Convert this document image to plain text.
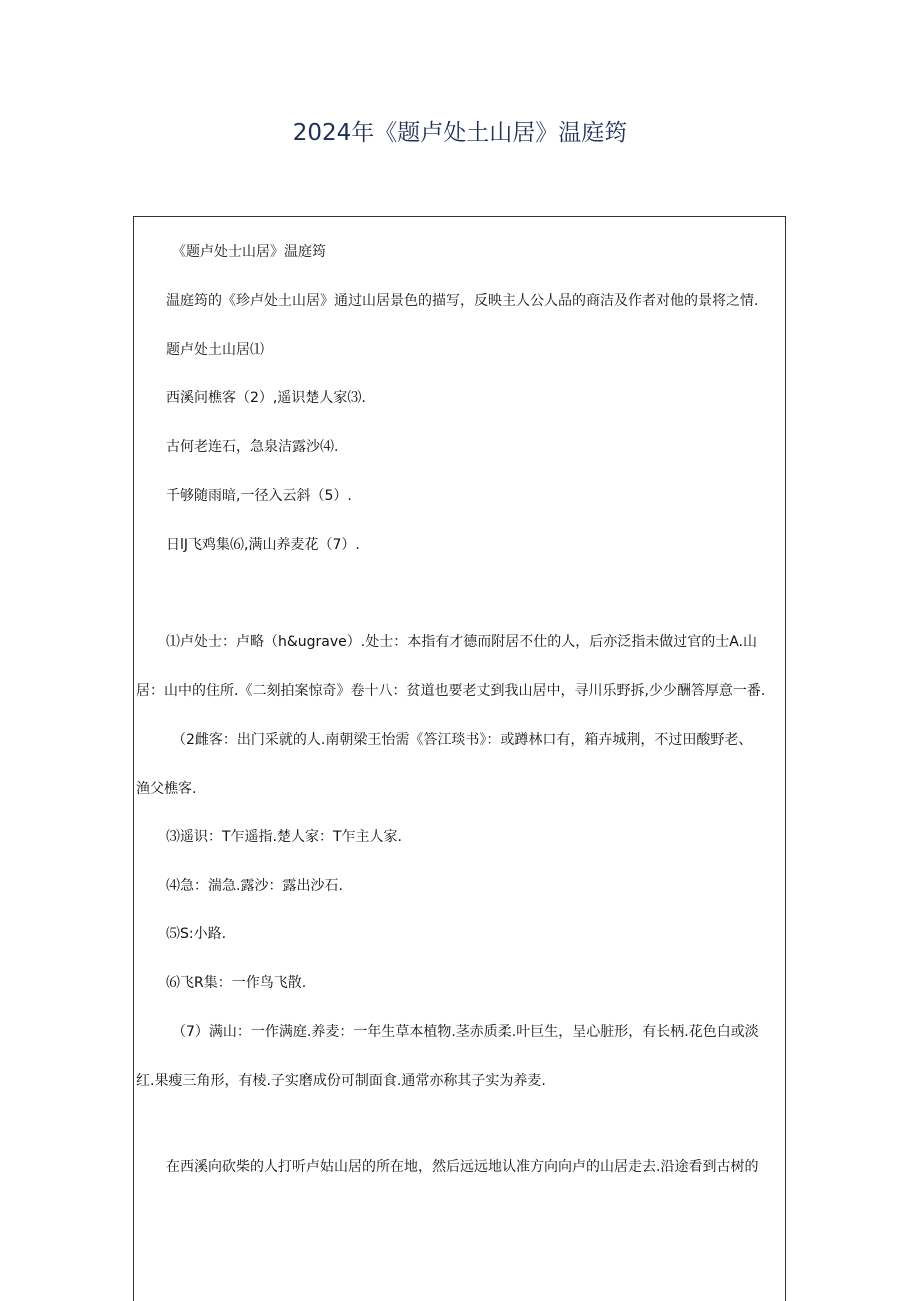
2024年《题卢处土山居》温庭筠
《题卢处士山居》温庭筠
温庭筠的《珍卢处土山居》通过山居景色的描写，反映主人公人品的商洁及作者对他的景将之情.
题卢处土山居⑴
西溪问樵客（2）,遥识楚人家⑶.
古何老连石，急泉洁露沙⑷.
千够随雨暗,一径入云斜（5）.
日lJ飞鸡集⑹,满山养麦花（7）.
⑴卢处士：卢略（h&ugrave）.处士：本指有才德而附居不仕的人，后亦泛指未做过官的士A.山
居：山中的住所.《二刻拍案惊奇》卷十八：贫道也要老丈到我山居中，寻川乐野拆,少少酬答厚意一番.
（2雌客：出门采就的人.南朝梁王怡需《答江琰书》：或蹲林口有，箱卉城荆，不过田酸野老、
渔父樵客.
⑶遥识：T乍遥指.楚人家：T乍主人家.
⑷急：湍急.露沙：露出沙石.
⑸S:小路.
⑹飞R集：一作鸟飞散.
（7）满山：一作满庭.养麦：一年生草本植物.茎赤质柔.叶巨生，呈心脏形，有长柄.花色白或淡
红.果瘦三角形，有棱.子实磨成份可制面食.通常亦称其子实为养麦.
在西溪向砍柴的人打听卢姑山居的所在地，然后远远地认准方向向卢的山居走去.沿途看到古树的
